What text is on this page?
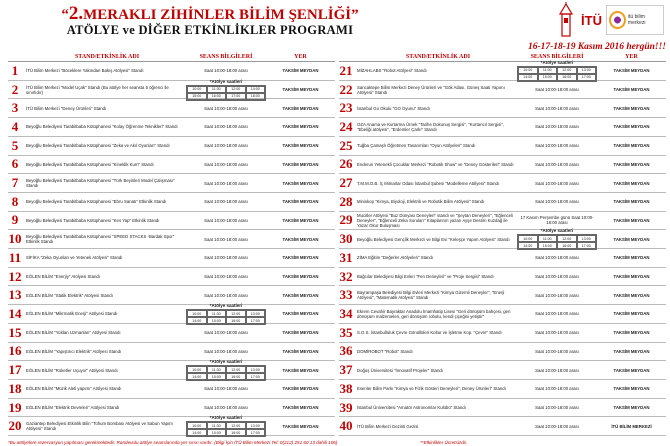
“2.MERAKLI ZİHİNLER BİLİM ŞENLİĞİ”
ATÖLYE ve DİĞER ETKİNLİKLER PROGRAMI
İTÜ	itü bilim merkezi
16-17-18-19 Kasım 2016 hergün!!!
STAND/ETKİNLİK ADI	SEANS BİLGİLERİ	YER
1	İTÜ Bilim Merkezi "Böceklere Yakından Bakış Atölyesi" Standı	Saat 10:00-18:00 arası	TAKSİM MEYDAN
2	İTÜ Bilim Merkezi "Model Uçak" Standı (Bu atölye her seansta 5 öğrenci ile sınırlıdır)
*Atölye saatleri
10:00	11:30	12:00	14:00
15:00	16:00	17:00	18:00
TAKSİM MEYDAN
3	İTÜ Bilim Merkezi "Deney Ürünleri" Standı	Saat 10:00-18:00 arası	TAKSİM MEYDAN
4	Beyoğlu Belediyesi Tarabitbaba Kütüphanesi "Kolay Öğrenme Teknikleri" Standı	Saat 10:00-18:00 arası	TAKSİM MEYDAN
5	Beyoğlu Belediyesi Tarabitbaba Kütüphanesi "Zeka ve Akıl Oyunları" Standı	Saat 10:00-18:00 arası	TAKSİM MEYDAN
6	Beyoğlu Belediyesi Tarabitbaba Kütüphanesi "Kineklik Kum" Standı	Saat 10:00-18:00 arası	TAKSİM MEYDAN
7	Beyoğlu Belediyesi Tarabitbaba Kütüphanesi "Türk Beyinleri Model Çalışması" Standı	Saat 10:00-18:00 arası	TAKSİM MEYDAN
8	Beyoğlu Belediyesi Tarabitbaba Kütüphanesi "Ebru Sanatı" Etkinlik Standı	Saat 10:00-18:00 arası	TAKSİM MEYDAN
9	Beyoğlu Belediyesi Tarabitbaba Kütüphanesi "Kes Yap" Etkinlik Standı	Saat 10:00-18:00 arası	TAKSİM MEYDAN
10	Beyoğlu Belediyesi Tarabitbaba Kütüphanesi "SPEED STACKS -Bardak Spor" Etkinlik Standı	Saat 10:00-18:00 arası	TAKSİM MEYDAN
11	SİFİKA "Zeka Oyunları ve Yetenek Atölyesi" Standı	Saat 10:00-18:00 arası	TAKSİM MEYDAN
12	EĞLEN BİLİM "Enerjiy" Atölyesi Standı	Saat 10:00-18:00 arası	TAKSİM MEYDAN
13	EĞLEN BİLİM "Statik Elektrik" Atölyesi Standı	Saat 10:00-18:00 arası	TAKSİM MEYDAN
14	EĞLEN BİLİM "Mikrmatik Enerji" Atölyesi Standı
*Atölye saatleri
10:00	11:30	12:00	13:00
14:00	15:00	16:00	17:00
TAKSİM MEYDAN
15	EĞLEN BİLİM "Yoldan Uzmanları" Atölyesi Standı	Saat 10:00-18:00 arası	TAKSİM MEYDAN
16	EĞLEN BİLİM "Yapıştırıcı Elektrik" Atölyesi Standı	Saat 10:00-18:00 arası	TAKSİM MEYDAN
17	EĞLEN BİLİM "Roketler Uçuyor" Atölyesi Standı
*Atölye saatleri
10:00	11:30	12:00	13:00
14:00	15:00	16:00	17:00
TAKSİM MEYDAN
18	EĞLEN BİLİM "Müzik Aleti yapımı" Atölyesi Standı	Saat 10:00-18:00 arası	TAKSİM MEYDAN
19	EĞLEN BİLİM "Elektrik Devreleri" Atölyesi Standı	Saat 10:00-18:00 arası	TAKSİM MEYDAN
20	Gaziantep Belediyesi Etkinlik Bilin "Tohum Bombası Atölyesi ve Sabun Yapım Atölyesi" Standı
*Atölye saatleri
10:00	11:30	12:00	13:00
14:00	15:00	16:00	17:00
TAKSİM MEYDAN
STAND/ETKİNLİK ADI	SEANS BİLGİLERİ	YER
21	MİZAHLABS "Robot Atölyesi" Standı
*Atölye saatleri
10:00	11:00	12:00	13:00
14:00	15:00	16:00	17:00
TAKSİM MEYDAN
22	Sancaktepe Bilim Merkezi Deney Ürünleri ve "Gök Atlası, Güneş Saati Yapımı Atölyesi" Standı	Saat 10:00-18:00 arası	TAKSİM MEYDAN
23	İstanbul Go Okulu "GO Oyunu" Standı	Saat 10:00-18:00 arası	TAKSİM MEYDAN
24	OZA Anama ve Kurtarma Ürnek "Tarihe Dokunuş Sergisi", "Kurtarıcıl Sergisi", "Ebeliği atölyesi", "Erdemler Çarkı" Standı	Saat 10:00-18:00 arası	TAKSİM MEYDAN
25	Tuğba Çamaşlı Öğretmen Tasarımları "Oyun Atölyeleri" Standı	Saat 10:00-18:00 arası	TAKSİM MEYDAN
26	Enderun Yetenekli Çocuklar Merkezi "Robotik Show" ve "Deney Gösterileri" Standı	Saat 10:00-18:00 arası	TAKSİM MEYDAN
27	T.M.M.O.B. İç Mimarlar Odası İstanbul Şubesi "Modelleme Atölyesi" Standı	Saat 10:00-18:00 arası	TAKSİM MEYDAN
28	Miniskop "Kimya, Biyoloji, Elektrik ve Robotik Bilim Atölyesi" Standı	Saat 10:00-18:00 arası	TAKSİM MEYDAN
29	Mucitler Atölyesi "Buz Dünyası Deneyleri" standı ve "Şeytan Deneyleri", "Eğlenceli Deneyler", "Eğlenceli Zeka Soruları" Kitaplarının yazarı Ayşe Destim Kuzdağ ile Yazar Okur Buluşması
17 Kasım Perşembe günü Saat 10:00-18:00 arası	TAKSİM MEYDAN
30	Beyoğlu Belediyesi Gençlik Merkezi ve Bilgi Evi "Keleşçe Yapım Atölyesi" Standı
*Atölye saatleri
10:00	11:00	12:00	13:00
14:00	15:00	16:00	17:00
TAKSİM MEYDAN
31	ZİMA Eğitim "Değerler Atölyeleri" Standı	Saat 10:00-18:00 arası	TAKSİM MEYDAN
32	Bağcılar Belediyesi Bilgi Evleri "Fen Deneyleri" ve "Proje Sergisi" Standı	Saat 10:00-18:00 arası	TAKSİM MEYDAN
33	Bayrampaşa Belediyesi Bilgi Evleri Merkezi "Kimya Gizemli Deneyler", "Enerji Atölyesi", "Matematik Atölyesi" Standı	Saat 10:00-18:00 arası	TAKSİM MEYDAN
34	Ekrem Cevahir Bayraktar Anadolu İmamhatip Lisesi "Geri dönüşüm bahçesi, geri dönüşüm malzemeleri, geri dönüşüm robotu, kendi çiçeğini yetiştir"	Saat 10:00-18:00 arası	TAKSİM MEYDAN
35	S.O.S. İstanbulluluk Çevre Gönüllüleri Koltur ve İşletme Kop. "Çevre" Standı	Saat 10:00-18:00 arası	TAKSİM MEYDAN
36	DOMİROBOT "Robot" Standı	Saat 10:00-18:00 arası	TAKSİM MEYDAN
37	Doğuş Üniversitesi "İnnovatif Projeler" Standı	Saat 10:00-18:00 arası	TAKSİM MEYDAN
38	Esenler Bilim Parkı "Kimya ve Fizik Gösteri Deneyleri", Deney Ürünleri" Standı	Saat 10:00-18:00 arası	TAKSİM MEYDAN
39	İstanbul Üniversitesi "Amatör Astronomlar Kulübü" Standı	Saat 10:00-18:00 arası	TAKSİM MEYDAN
40	İTÜ Bilim Merkezi Gezinti Gezisi	Saat 10:00-18:00 arası	İTÜ BİLİM MERKEZİ
*Bu atölyelere rezervasyon yapılması gerekmektedir. Randevulu atölye seanslarında yer sınırı vardır. (Bilgi İçin İTÜ Bilim Merkezi Tel: 0(212) 251 60 13 dahili 106)	**Etkinlikler Ücretsizdir.
